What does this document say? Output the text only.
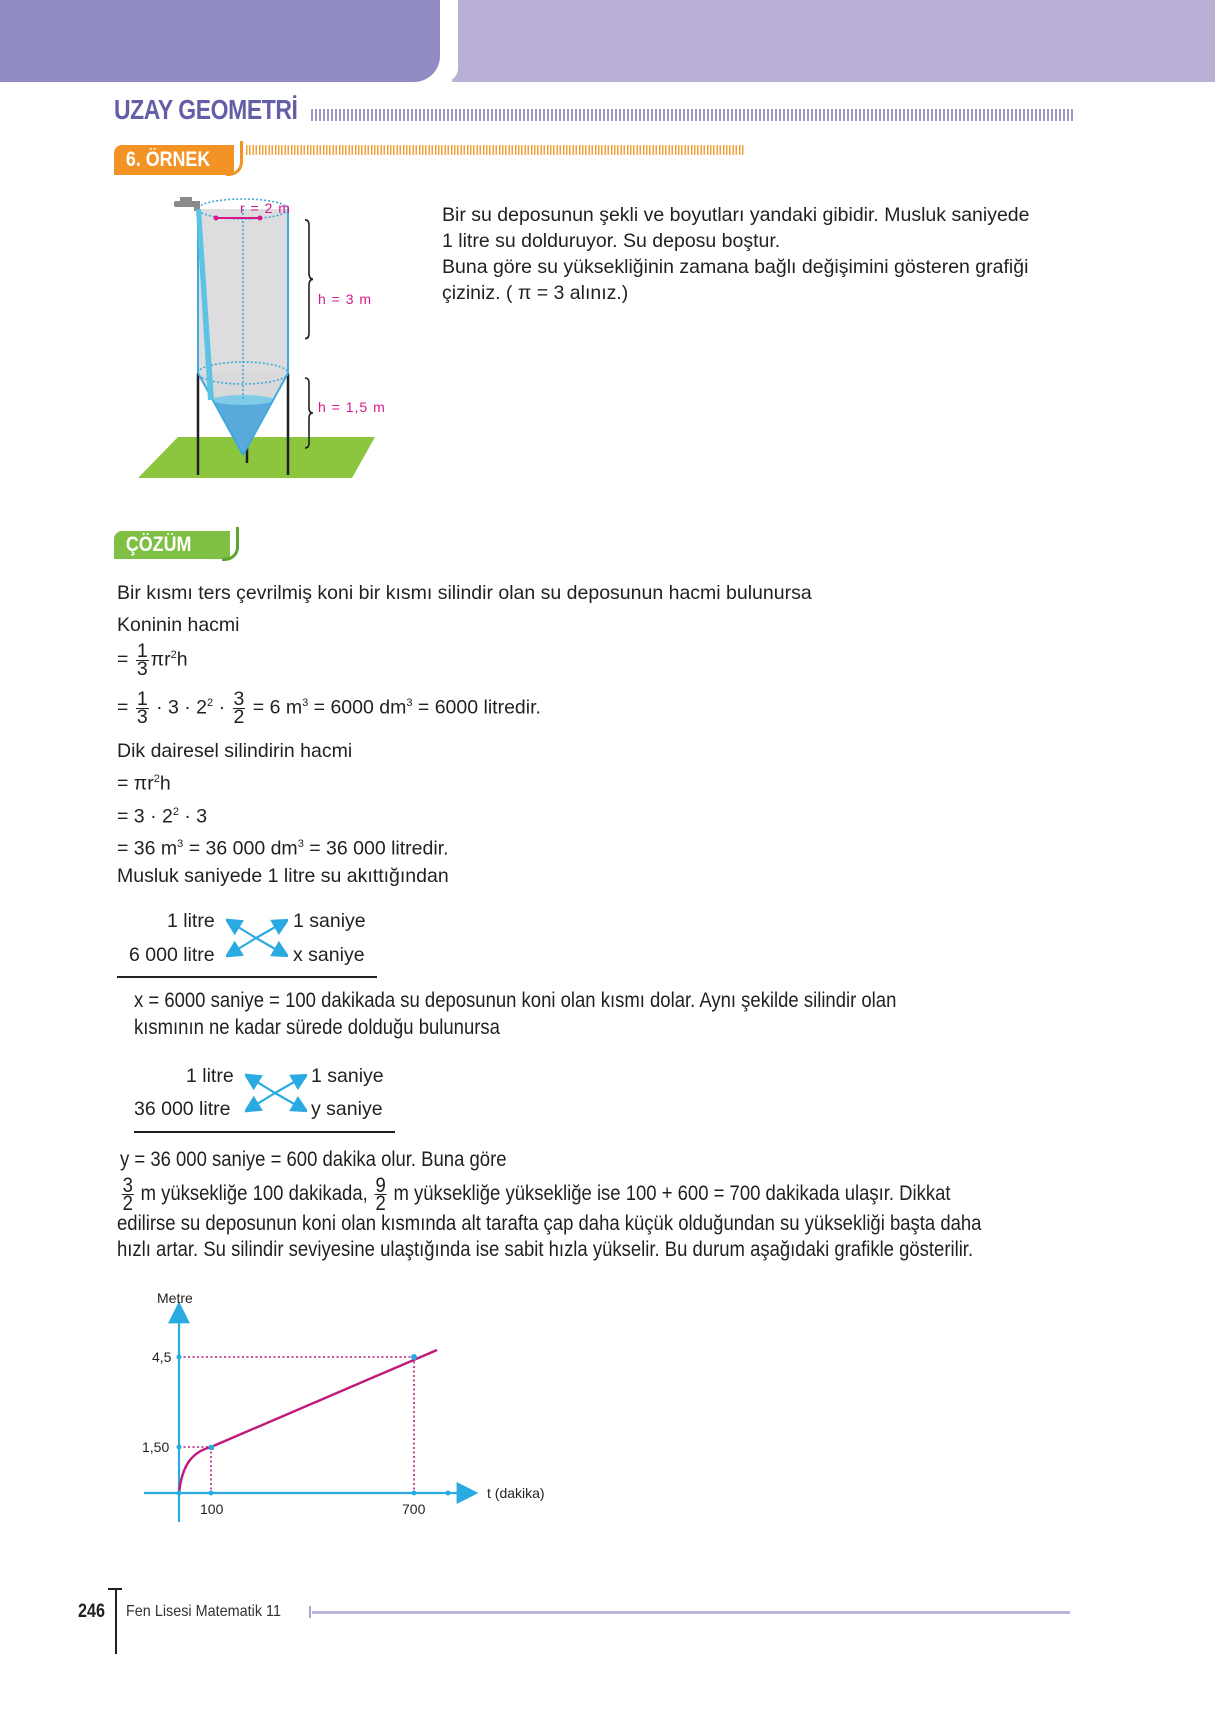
UZAY GEOMETRİ
6. ÖRNEK
r = 2 m
h = 3 m
h = 1,5 m
Bir su deposunun şekli ve boyutları yandaki gibidir. Musluk saniyede
1 litre su dolduruyor. Su deposu boştur.
Buna göre su yüksekliğinin zamana bağlı değişimini gösteren grafiği
çiziniz. ( π = 3 alınız.)
ÇÖZÜM
Bir kısmı ters çevrilmiş koni bir kısmı silindir olan su deposunun hacmi bulunursa
Koninin hacmi
= $\frac{1}{3} \pi r^2h$
= $\frac{1}{3} \cdot 3 \cdot 2^2 \cdot \frac{3}{2} = 6$ $m^3 = 6000$ $dm^3 = 6000$ litredir.
Dik dairesel silindirin hacmi
= $\pi r^2h$
= $3 \cdot 2^2 \cdot 3$
= 36 $m^3 = 36$ 000 $dm^3 = 36$ 000 litredir.
Musluk saniyede 1 litre su akıttığından
1 litre	1 saniye
6 000 litre	x saniye
x = 6000 saniye = 100 dakikada su deposunun koni olan kısmı dolar. Aynı şekilde silindir olan
kısmının ne kadar sürede dolduğu bulunursa
1 litre	1 saniye
36 000 litre	y saniye
y = 36 000 saniye = 600 dakika olur. Buna göre
$\frac{3}{2}$ m yüksekliğe 100 dakikada, $\frac{9}{2}$ m yüksekliğe yüksekliğe ise 100 + 600 = 700 dakikada ulaşır. Dikkat
edilirse su deposunun koni olan kısmında alt tarafta çap daha küçük olduğundan su yüksekliği başta daha
hızlı artar. Su silindir seviyesine ulaştığında ise sabit hızla yükselir. Bu durum aşağıdaki grafikle gösterilir.
Metre
4,5
1,50
100	700
t (dakika)
246 Fen Lisesi Matematik 11
